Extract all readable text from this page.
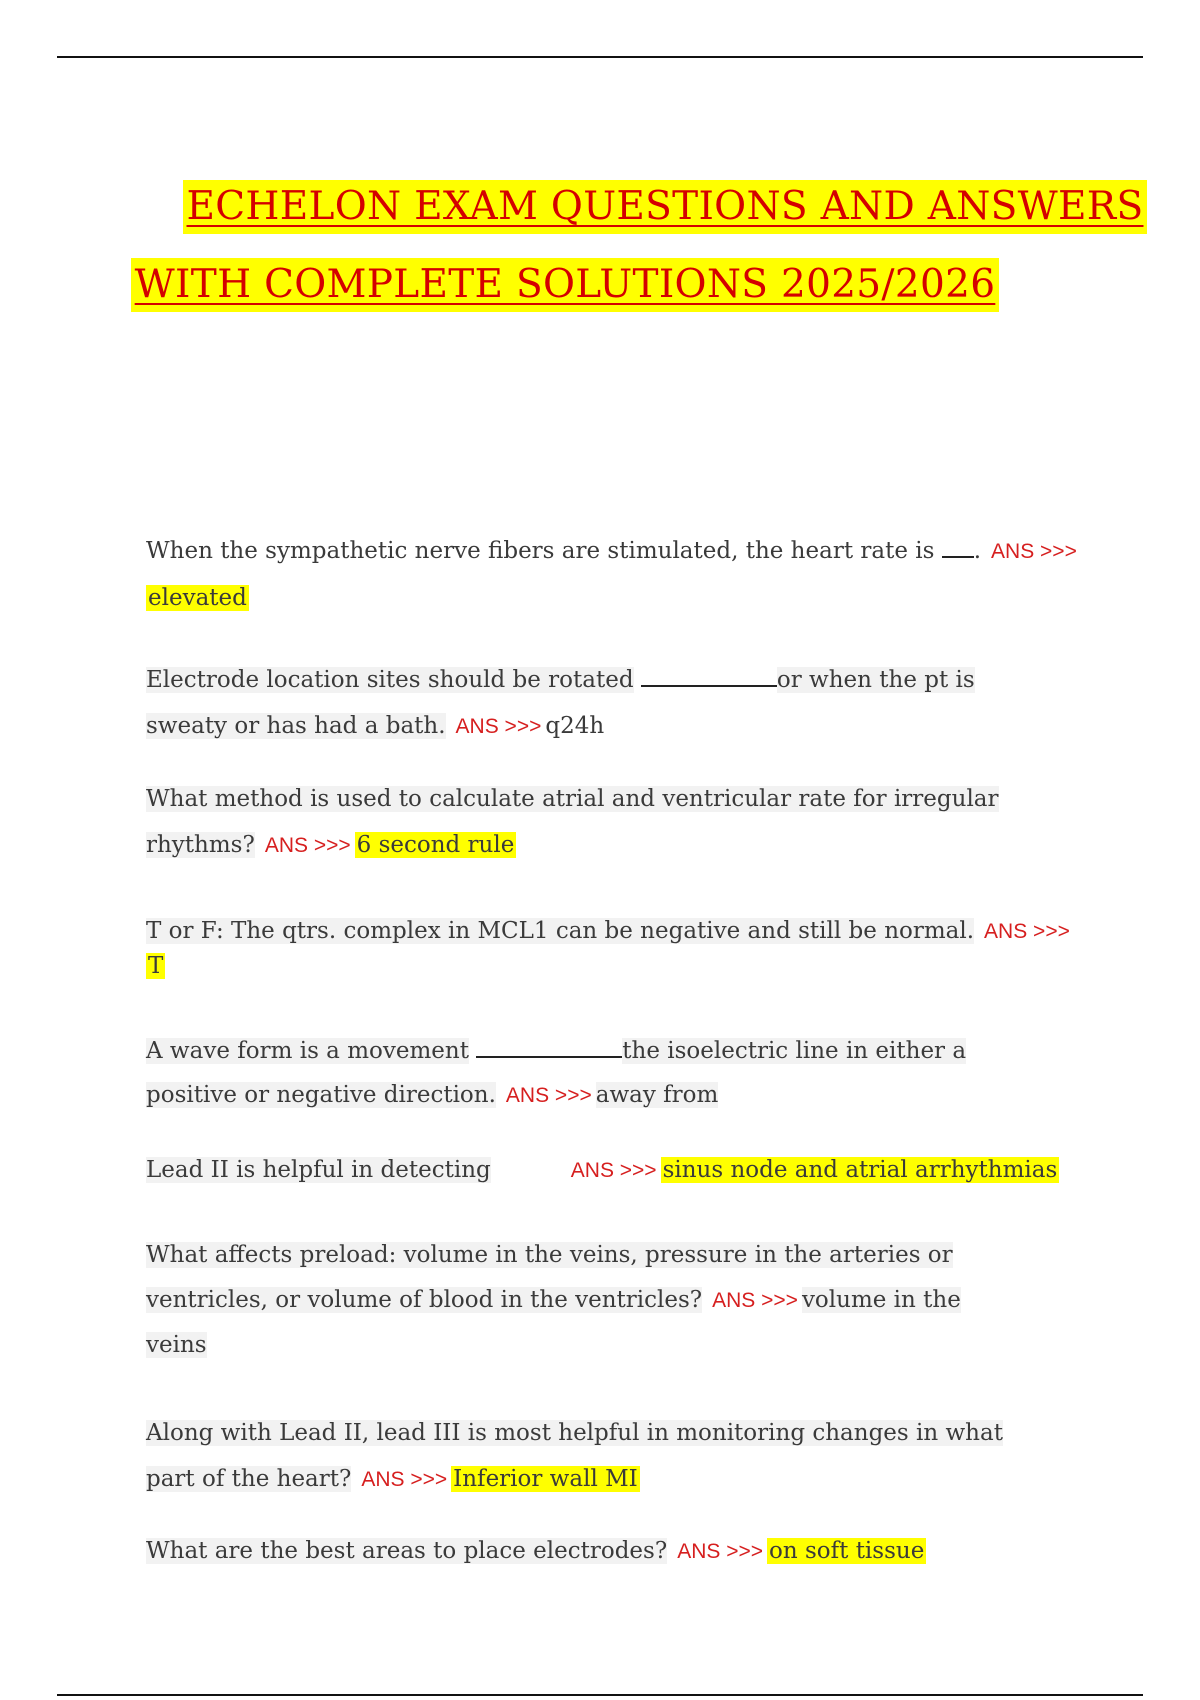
ECHELON EXAM QUESTIONS AND ANSWERS
WITH COMPLETE SOLUTIONS 2025/2026
When the sympathetic nerve fibers are stimulated, the heart rate is . ANS >>>
elevated
Electrode location sites should be rotated	or when the pt is
sweaty or has had a bath. ANS >>> q24h
What method is used to calculate atrial and ventricular rate for irregular
rhythms? ANS >>> 6 second rule
T or F: The qtrs. complex in MCL1 can be negative and still be normal. ANS >>>
T
A wave form is a movement	the isoelectric line in either a
positive or negative direction. ANS >>> away from
Lead II is helpful in detecting	ANS >>> sinus node and atrial arrhythmias
What affects preload: volume in the veins, pressure in the arteries or
ventricles, or volume of blood in the ventricles? ANS >>> volume in the
veins
Along with Lead II, lead III is most helpful in monitoring changes in what
part of the heart? ANS >>> Inferior wall MI
What are the best areas to place electrodes? ANS >>> on soft tissue
